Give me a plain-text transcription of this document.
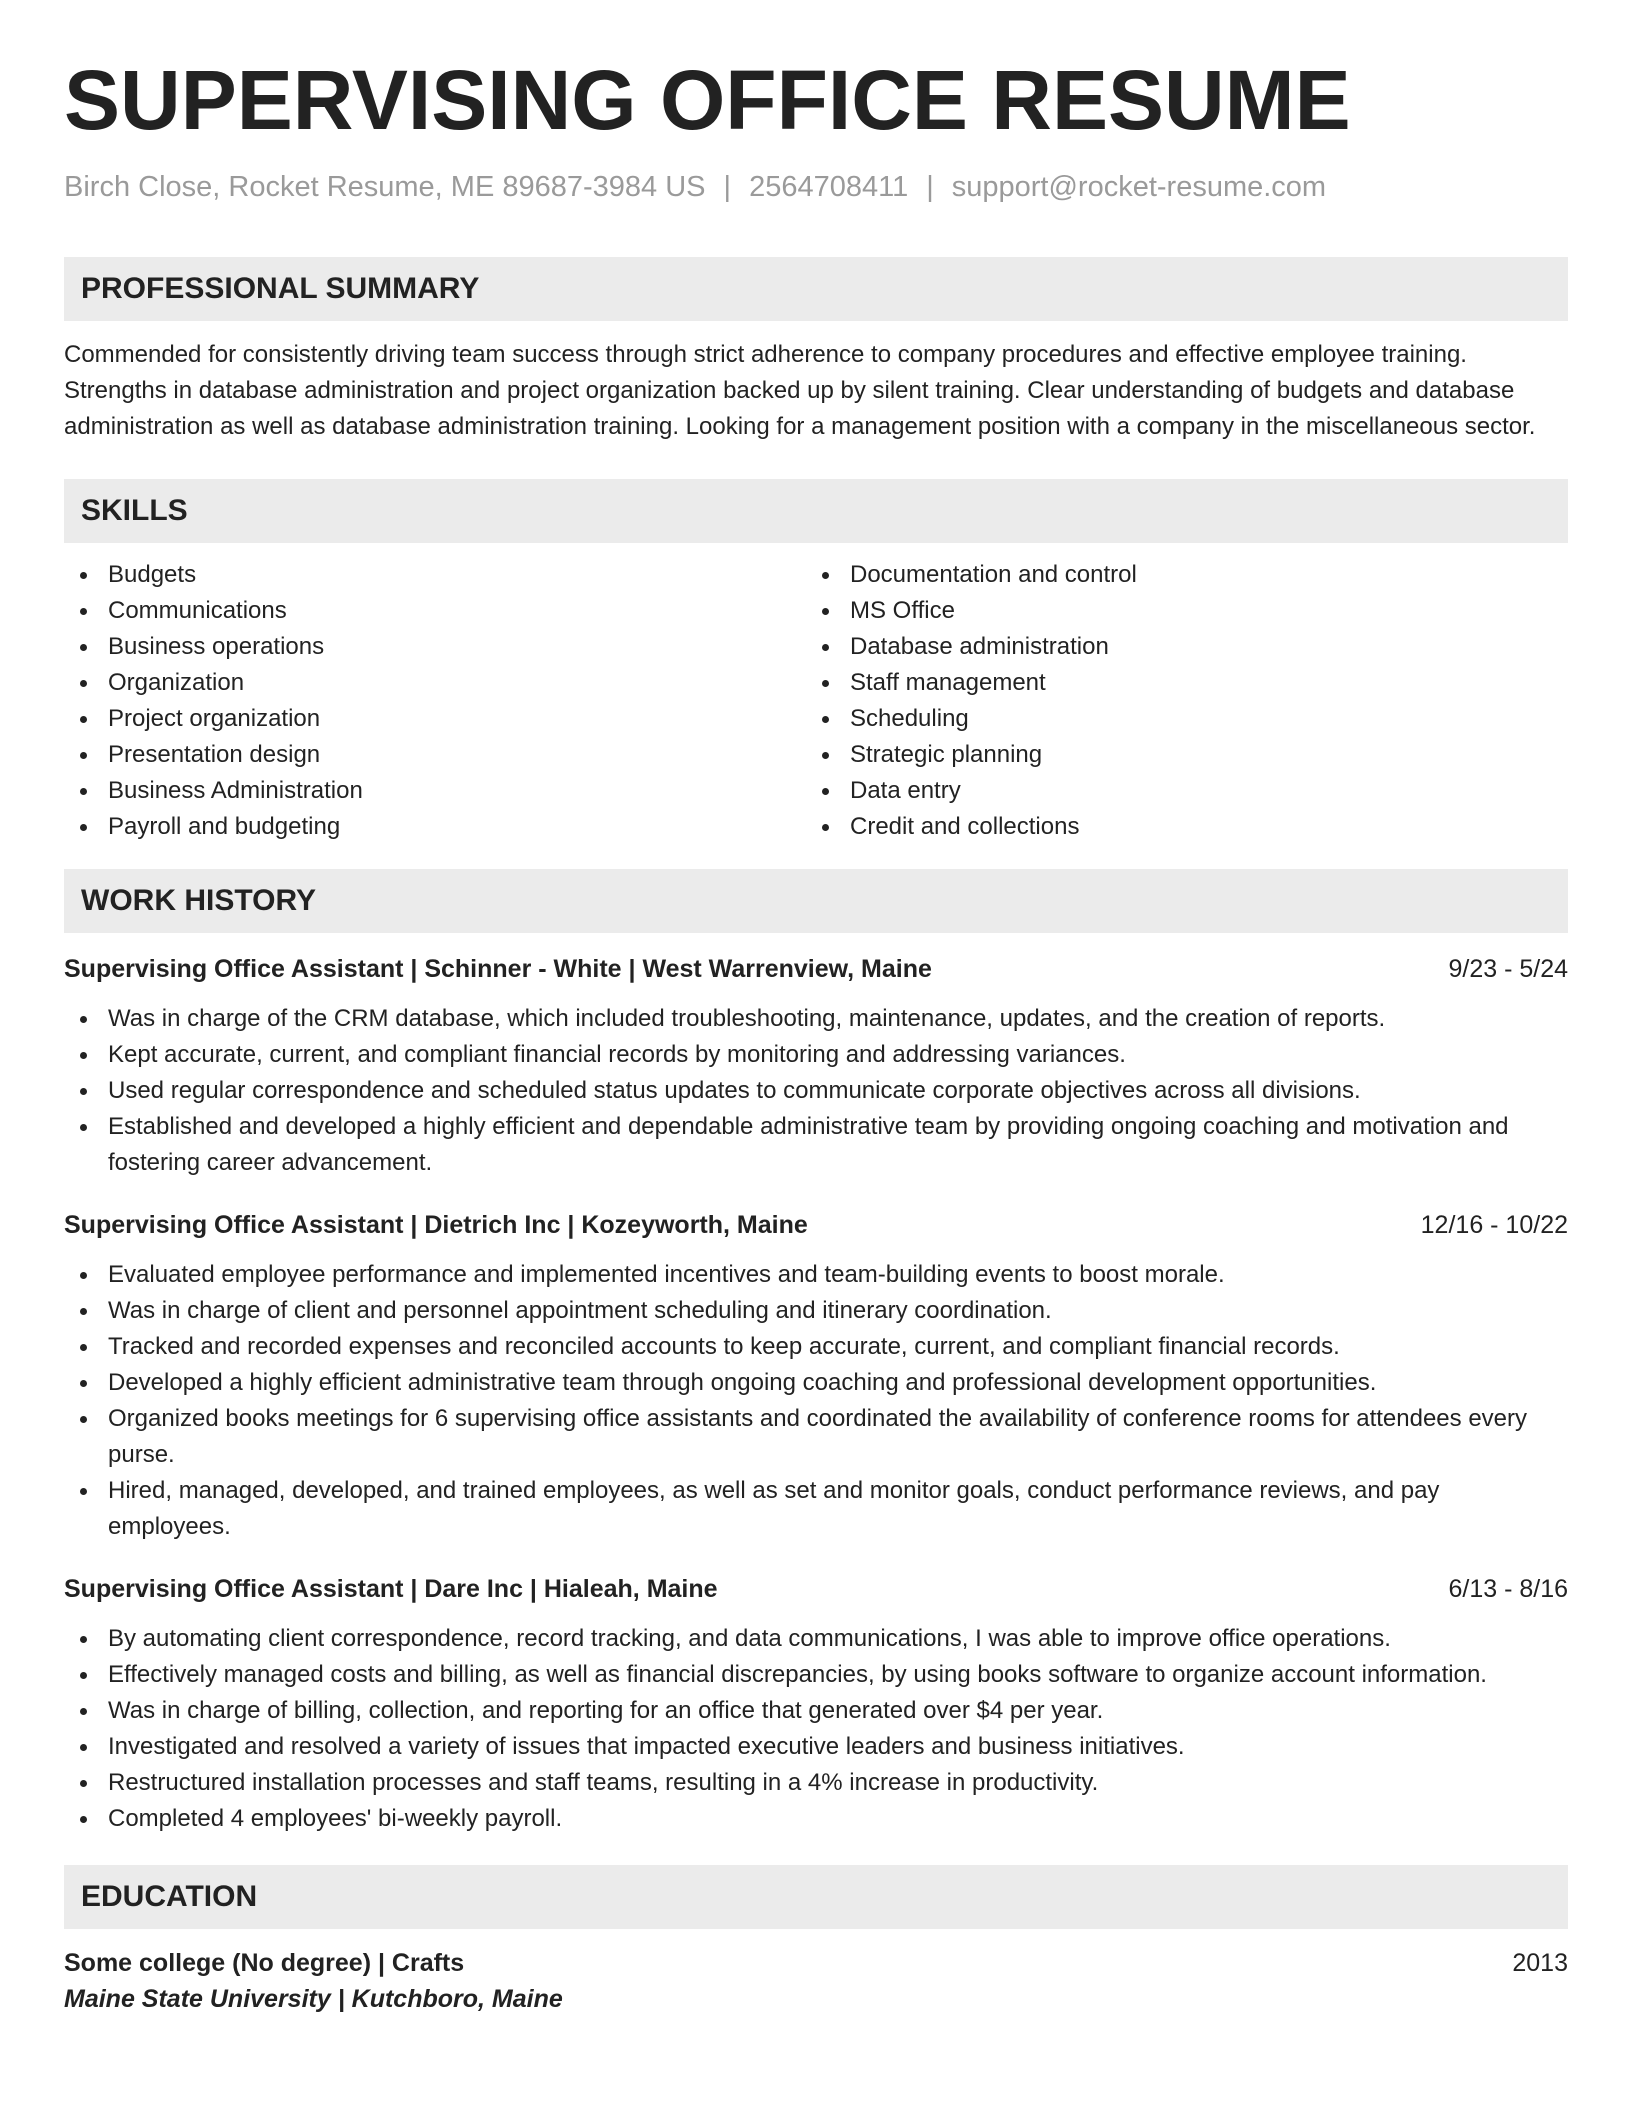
SUPERVISING OFFICE RESUME
Birch Close, Rocket Resume, ME 89687-3984 US | 2564708411 | support@rocket-resume.com
PROFESSIONAL SUMMARY

Commended for consistently driving team success through strict adherence to company procedures and effective employee training. Strengths in database administration and project organization backed up by silent training. Clear understanding of budgets and database administration as well as database administration training. Looking for a management position with a company in the miscellaneous sector.

SKILLS
Budgets
Communications
Business operations
Organization
Project organization
Presentation design
Business Administration
Payroll and budgeting
Documentation and control
MS Office
Database administration
Staff management
Scheduling
Strategic planning
Data entry
Credit and collections
WORK HISTORY
Supervising Office Assistant | Schinner - White | West Warrenview, Maine	9/23 - 5/24
Was in charge of the CRM database, which included troubleshooting, maintenance, updates, and the creation of reports.
Kept accurate, current, and compliant financial records by monitoring and addressing variances.
Used regular correspondence and scheduled status updates to communicate corporate objectives across all divisions.
Established and developed a highly efficient and dependable administrative team by providing ongoing coaching and motivation and fostering career advancement.
Supervising Office Assistant | Dietrich Inc | Kozeyworth, Maine	12/16 - 10/22
Evaluated employee performance and implemented incentives and team-building events to boost morale.
Was in charge of client and personnel appointment scheduling and itinerary coordination.
Tracked and recorded expenses and reconciled accounts to keep accurate, current, and compliant financial records.
Developed a highly efficient administrative team through ongoing coaching and professional development opportunities.
Organized books meetings for 6 supervising office assistants and coordinated the availability of conference rooms for attendees every purse.
Hired, managed, developed, and trained employees, as well as set and monitor goals, conduct performance reviews, and pay employees.
Supervising Office Assistant | Dare Inc | Hialeah, Maine	6/13 - 8/16
By automating client correspondence, record tracking, and data communications, I was able to improve office operations.
Effectively managed costs and billing, as well as financial discrepancies, by using books software to organize account information.
Was in charge of billing, collection, and reporting for an office that generated over $4 per year.
Investigated and resolved a variety of issues that impacted executive leaders and business initiatives.
Restructured installation processes and staff teams, resulting in a 4% increase in productivity.
Completed 4 employees' bi-weekly payroll.
EDUCATION
Some college (No degree) | Crafts	2013
Maine State University | Kutchboro, Maine
